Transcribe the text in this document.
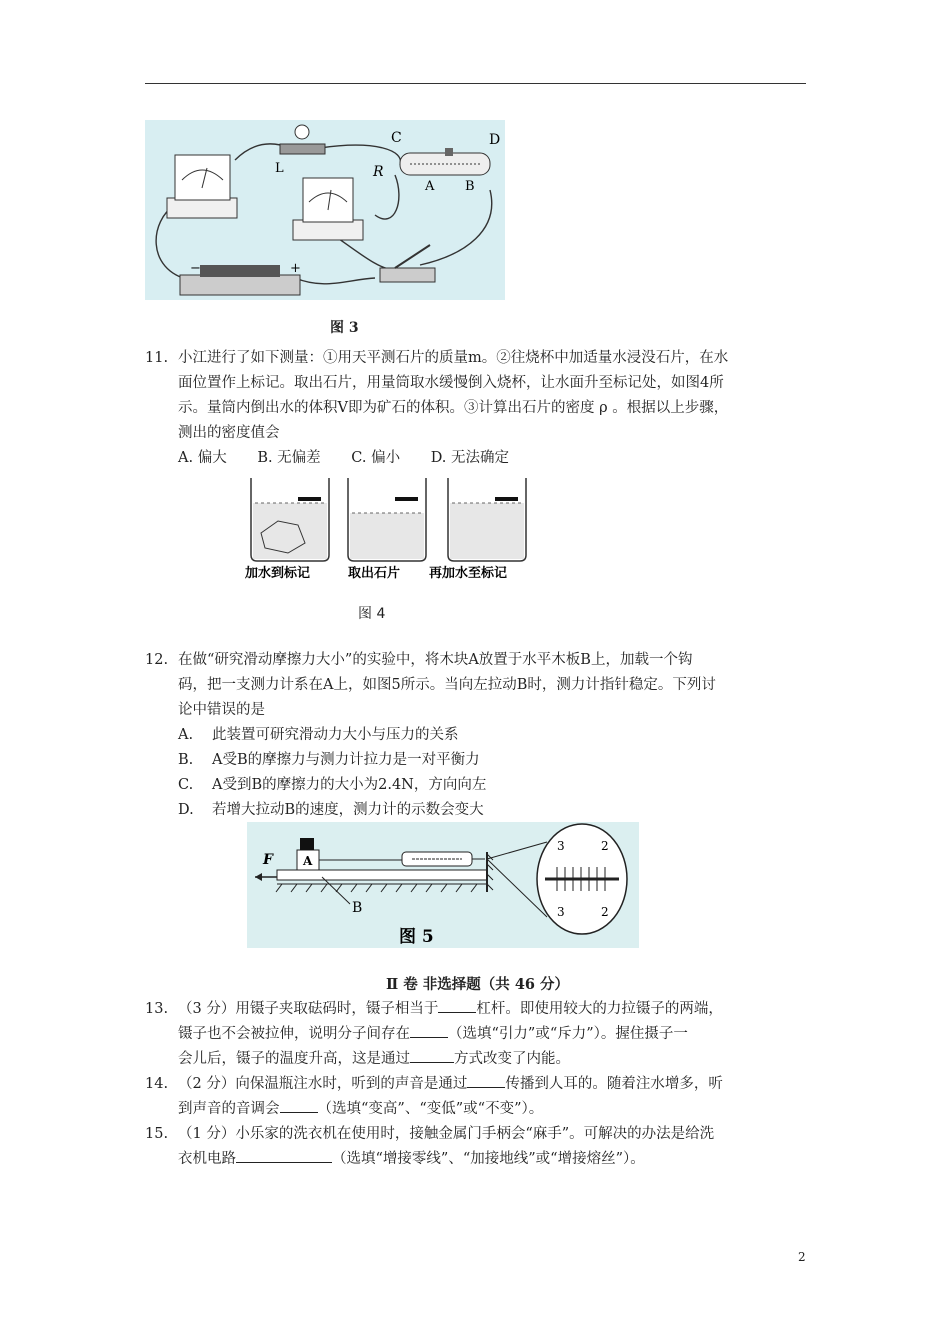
C	D
R
A B
L
−	+
图 3
11. 小江进行了如下测量：①用天平测石片的质量m。②往烧杯中加适量水浸没石片，在水
面位置作上标记。取出石片，用量筒取水缓慢倒入烧杯，让水面升至标记处，如图4所
示。量筒内倒出水的体积V即为矿石的体积。③计算出石片的密度 ρ 。根据以上步骤，
测出的密度值会
A. 偏大 B. 无偏差 C. 偏小 D. 无法确定
加水到标记	取出石片 再加水至标记
图 4
12. 在做“研究滑动摩擦力大小”的实验中，将木块A放置于水平木板B上，加载一个钩
码，把一支测力计系在A上，如图5所示。当向左拉动B时，测力计指针稳定。下列讨
论中错误的是
A. 此装置可研究滑动力大小与压力的关系
B. A受B的摩擦力与测力计拉力是一对平衡力
C. A受到B的摩擦力的大小为2.4N，方向向左
D. 若增大拉动B的速度，测力计的示数会变大
F	A
B
3	2
3	2
图 5
Ⅱ 卷 非选择题（共 46 分）
13. （3 分）用镊子夹取砝码时，镊子相当于	杠杆。即使用较大的力拉镊子的两端，
镊子也不会被拉伸，说明分子间存在	（选填“引力”或“斥力”）。握住摄子一
会儿后，镊子的温度升高，这是通过	方式改变了内能。
14. （2 分）向保温瓶注水时，听到的声音是通过	传播到人耳的。随着注水增多，听
到声音的音调会	（选填“变高”、“变低”或“不变”）。
15. （1 分）小乐家的洗衣机在使用时，接触金属门手柄会“麻手”。可解决的办法是给洗
衣机电路	（选填“增接零线”、“加接地线”或“增接熔丝”）。
2
